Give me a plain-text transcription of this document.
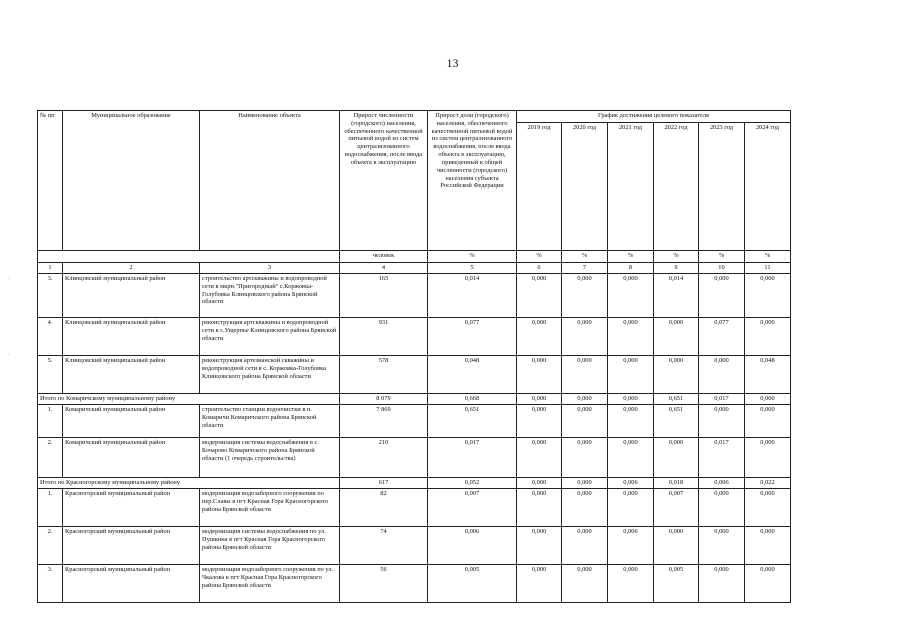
13
·
·
№ пп	Муниципальное образование	Наименование объекта	Прирост численности (городского) населения, обеспеченного качественной питьевой водой из систем централизованного водоснабжения, после ввода объекта в эксплуатацию	Прирост доли (городского) населения, обеспеченного качественной питьевой водой из систем централизованного водоснабжения, после ввода объекта в эксплуатацию, приведенный к общей численности (городского) населения субъекта Российской Федерации	График достижения целевого показателя					
					2019 год	2020 год	2021 год	2022 год	2023 год	2024 год
			человек	%	%	%	%	%	%	%
1	2	3	4	5	6	7	8	9	10	11
3.	Клинцовский муниципальный район	строительство артскважины и водопроводной сети в мкрн."Пригородный" с.Коржовка-Голубовка Клинцовского района Брянской области	165	0,014	0,000	0,000	0,000	0,014	0,000	0,000
4.	Клинцовский муниципальный район	реконструкция артскважины и водопроводной сети в с.Ущерпье Клинцовского района Брянской области	931	0,077	0,000	0,000	0,000	0,000	0,077	0,000
5.	Клинцовский муниципальный район	реконструкция артезианской скважины и водопроводной сети в с. Коржовка-Голубовка Клинцовского района Брянской области	578	0,048	0,000	0,000	0,000	0,000	0,000	0,048
Итого по Комаричскому муниципальному району			8 079	0,668	0,000	0,000	0,000	0,651	0,017	0,000
1.	Комаричский муниципальный район	строительство станции водоочистки в п. Комаричи Комаричского района Брянской области	7 869	0,651	0,000	0,000	0,000	0,651	0,000	0,000
2.	Комаричский муниципальный район	модернизация системы водоснабжения в с. Бочарово Комаричского района Брянской области (1 очередь строительства)	210	0,017	0,000	0,000	0,000	0,000	0,017	0,000
Итого по Красногорскому муниципальному району			617	0,052	0,000	0,000	0,006	0,018	0,006	0,022
1.	Красногорский муниципальный район	модернизация водозаборного сооружения по пер.Славы в пгт Красная Гора Красногорского района Брянской области	82	0,007	0,000	0,000	0,000	0,007	0,000	0,000
2.	Красногорский муниципальный район	модернизация системы водоснабжения по ул. Пушкина в пгт Красная Гора Красногорского района Брянской области	74	0,006	0,000	0,000	0,006	0,000	0,000	0,000
3.	Красногорский муниципальный район	модернизация водозаборного сооружения по ул. Чкалова в пгт Красная Гора Красногорского района Брянской области	56	0,005	0,000	0,000	0,000	0,005	0,000	0,000
